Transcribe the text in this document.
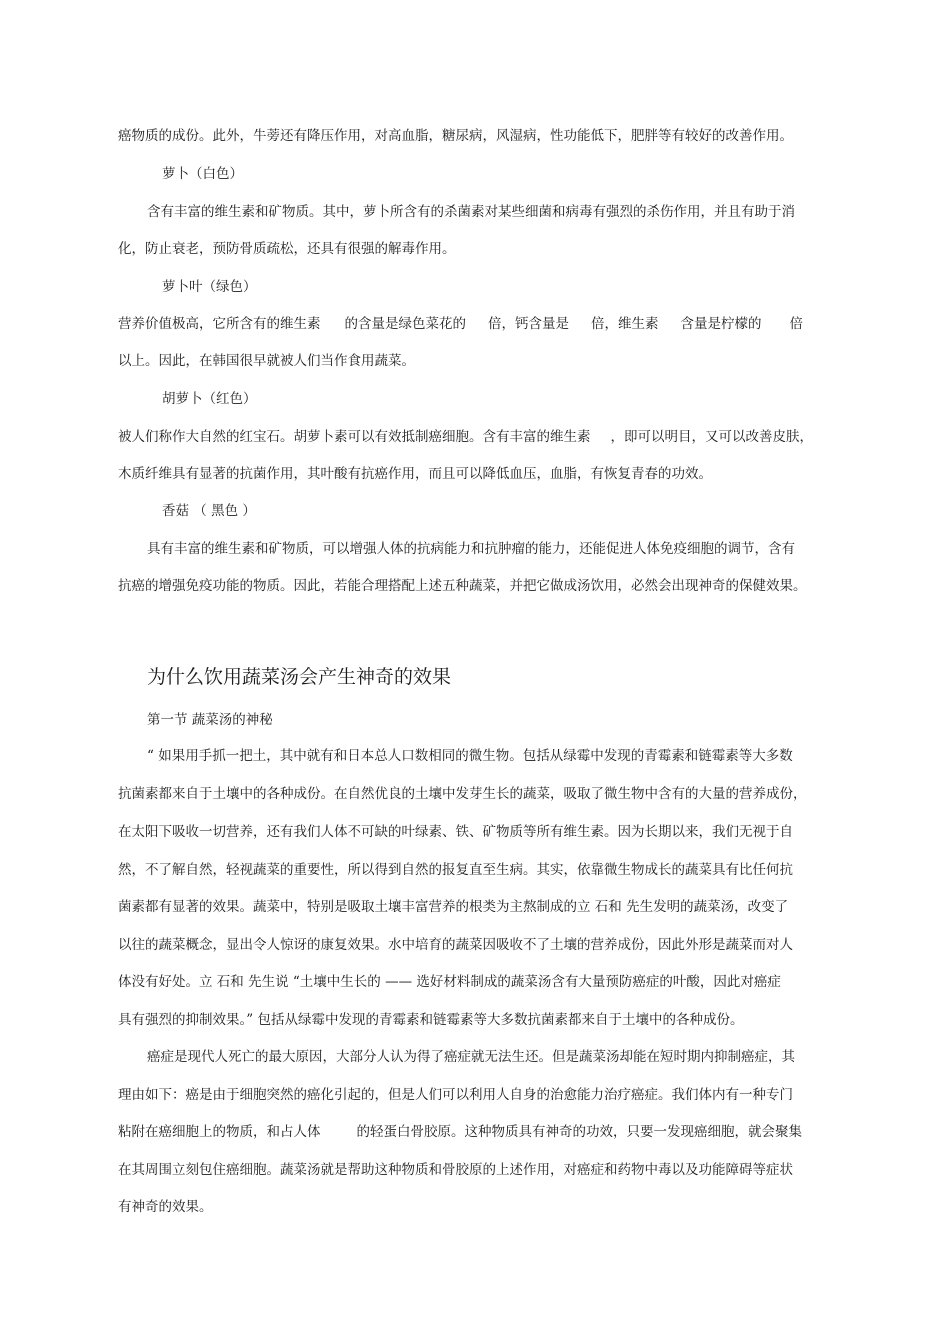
癌物质的成份。此外，牛蒡还有降压作用，对高血脂，糖尿病，风湿病，性功能低下，肥胖等有较好的改善作用。
萝卜（白色）
含有丰富的维生素和矿物质。其中，萝卜所含有的杀菌素对某些细菌和病毒有强烈的杀伤作用，并且有助于消
化，防止衰老，预防骨质疏松，还具有很强的解毒作用。
萝卜叶（绿色）
营养价值极高，它所含有的维生素 的含量是绿色菜花的 倍，钙含量是 倍，维生素 含量是柠檬的 倍
以上。因此，在韩国很早就被人们当作食用蔬菜。
胡萝卜（红色）
被人们称作大自然的红宝石。胡萝卜素可以有效抵制癌细胞。含有丰富的维生素 ，即可以明目，又可以改善皮肤，
木质纤维具有显著的抗菌作用，其叶酸有抗癌作用，而且可以降低血压，血脂，有恢复青春的功效。
香菇 （ 黑色 ）
具有丰富的维生素和矿物质，可以增强人体的抗病能力和抗肿瘤的能力，还能促进人体免疫细胞的调节，含有
抗癌的增强免疫功能的物质。因此，若能合理搭配上述五种蔬菜，并把它做成汤饮用，必然会出现神奇的保健效果。
为什么饮用蔬菜汤会产生神奇的效果
第一节 蔬菜汤的神秘
“ 如果用手抓一把土，其中就有和日本总人口数相同的微生物。包括从绿霉中发现的青霉素和链霉素等大多数
抗菌素都来自于土壤中的各种成份。在自然优良的土壤中发芽生长的蔬菜，吸取了微生物中含有的大量的营养成份，
在太阳下吸收一切营养，还有我们人体不可缺的叶绿素、铁、矿物质等所有维生素。因为长期以来，我们无视于自
然，不了解自然，轻视蔬菜的重要性，所以得到自然的报复直至生病。其实，依靠微生物成长的蔬菜具有比任何抗
菌素都有显著的效果。蔬菜中，特别是吸取土壤丰富营养的根类为主熬制成的立 石和 先生发明的蔬菜汤，改变了
以往的蔬菜概念，显出令人惊讶的康复效果。水中培育的蔬菜因吸收不了土壤的营养成份，因此外形是蔬菜而对人
体没有好处。立 石和 先生说 “土壤中生长的 —— 选好材料制成的蔬菜汤含有大量预防癌症的叶酸，因此对癌症
具有强烈的抑制效果。” 包括从绿霉中发现的青霉素和链霉素等大多数抗菌素都来自于土壤中的各种成份。
癌症是现代人死亡的最大原因，大部分人认为得了癌症就无法生还。但是蔬菜汤却能在短时期内抑制癌症，其
理由如下：癌是由于细胞突然的癌化引起的，但是人们可以利用人自身的治愈能力治疗癌症。我们体内有一种专门
粘附在癌细胞上的物质，和占人体	的轻蛋白骨胶原。这种物质具有神奇的功效，只要一发现癌细胞，就会聚集
在其周围立刻包住癌细胞。蔬菜汤就是帮助这种物质和骨胶原的上述作用，对癌症和药物中毒以及功能障碍等症状
有神奇的效果。
